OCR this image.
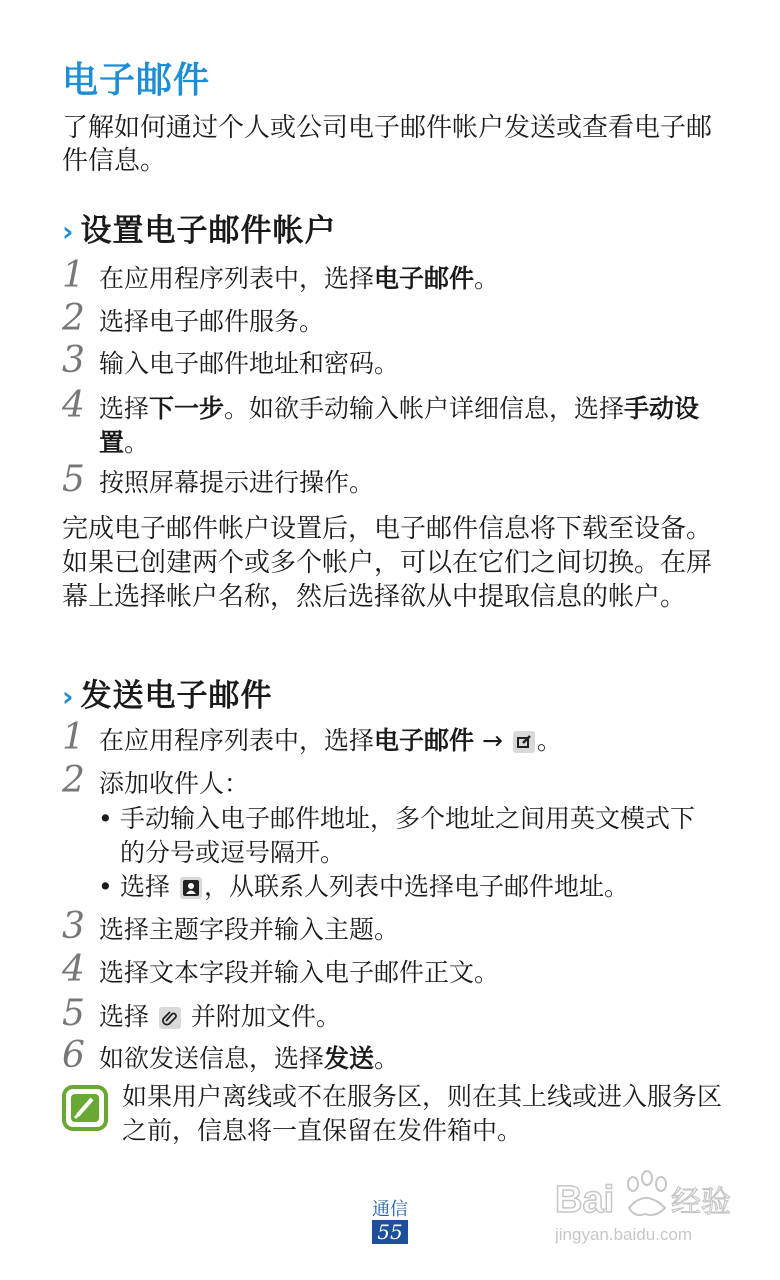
电子邮件

了解如何通过个人或公司电子邮件帐户发送或查看电子邮件信息。

› 设置电子邮件帐户
1 在应用程序列表中，选择电子邮件。
2 选择电子邮件服务。
3 输入电子邮件地址和密码。
4 选择下一步。如欲手动输入帐户详细信息，选择手动设置。
5 按照屏幕提示进行操作。

完成电子邮件帐户设置后，电子邮件信息将下载至设备。如果已创建两个或多个帐户，可以在它们之间切换。在屏幕上选择帐户名称，然后选择欲从中提取信息的帐户。

› 发送电子邮件
1 在应用程序列表中，选择电子邮件 →
。
2 添加收件人：
• 手动输入电子邮件地址，多个地址之间用英文模式下的分号或逗号隔开。
• 选择
，从联系人列表中选择电子邮件地址。
3 选择主题字段并输入主题。
4 选择文本字段并输入电子邮件正文。
5 选择
并附加文件。
6 如欲发送信息，选择发送。

如果用户离线或不在服务区，则在其上线或进入服务区之前，信息将一直保留在发件箱中。

通信
55
Bai 经验
jingyan.baidu.com
